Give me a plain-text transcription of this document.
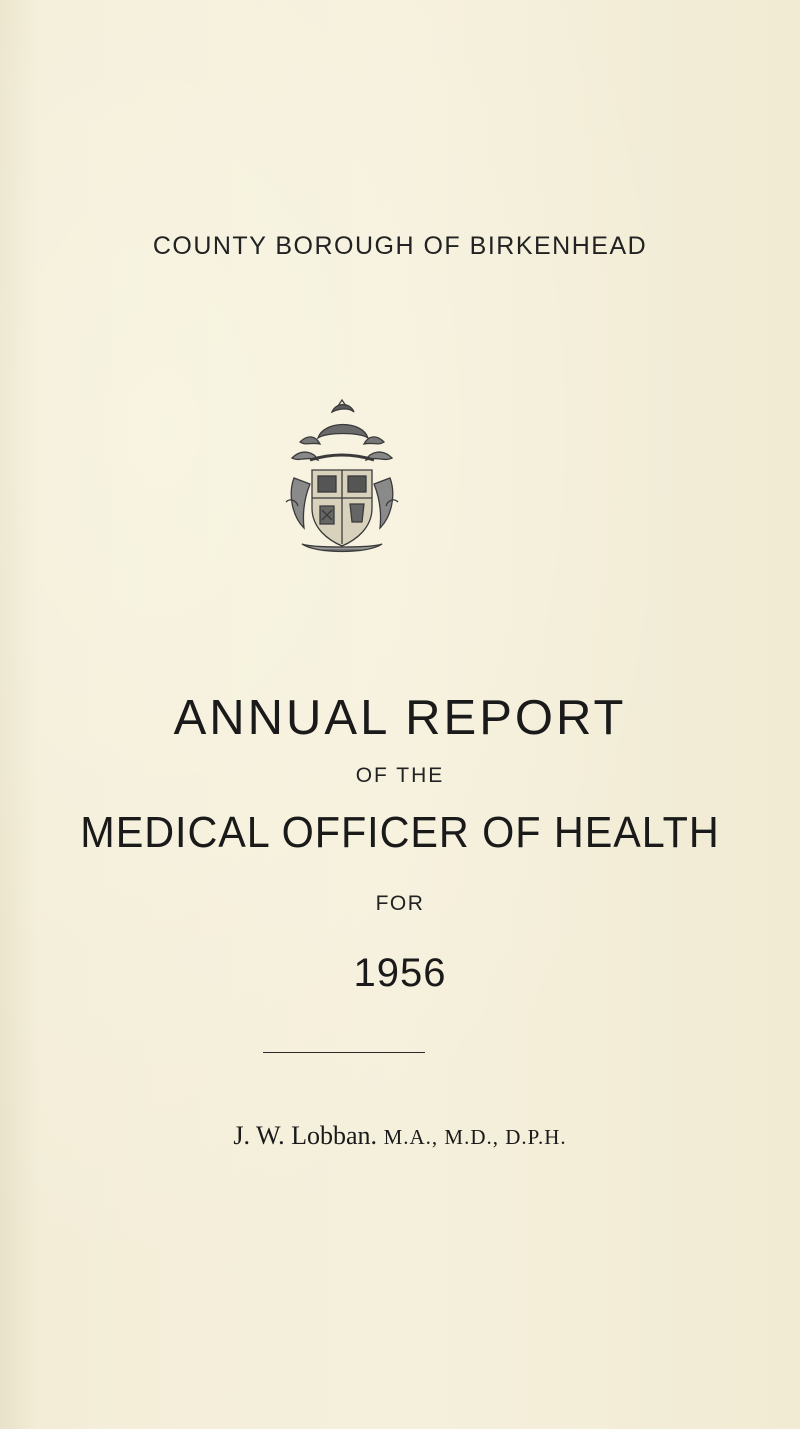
COUNTY BOROUGH OF BIRKENHEAD
ANNUAL REPORT
OF THE
MEDICAL OFFICER OF HEALTH
FOR
1956
J. W. Lobban. M.A., M.D., D.P.H.
